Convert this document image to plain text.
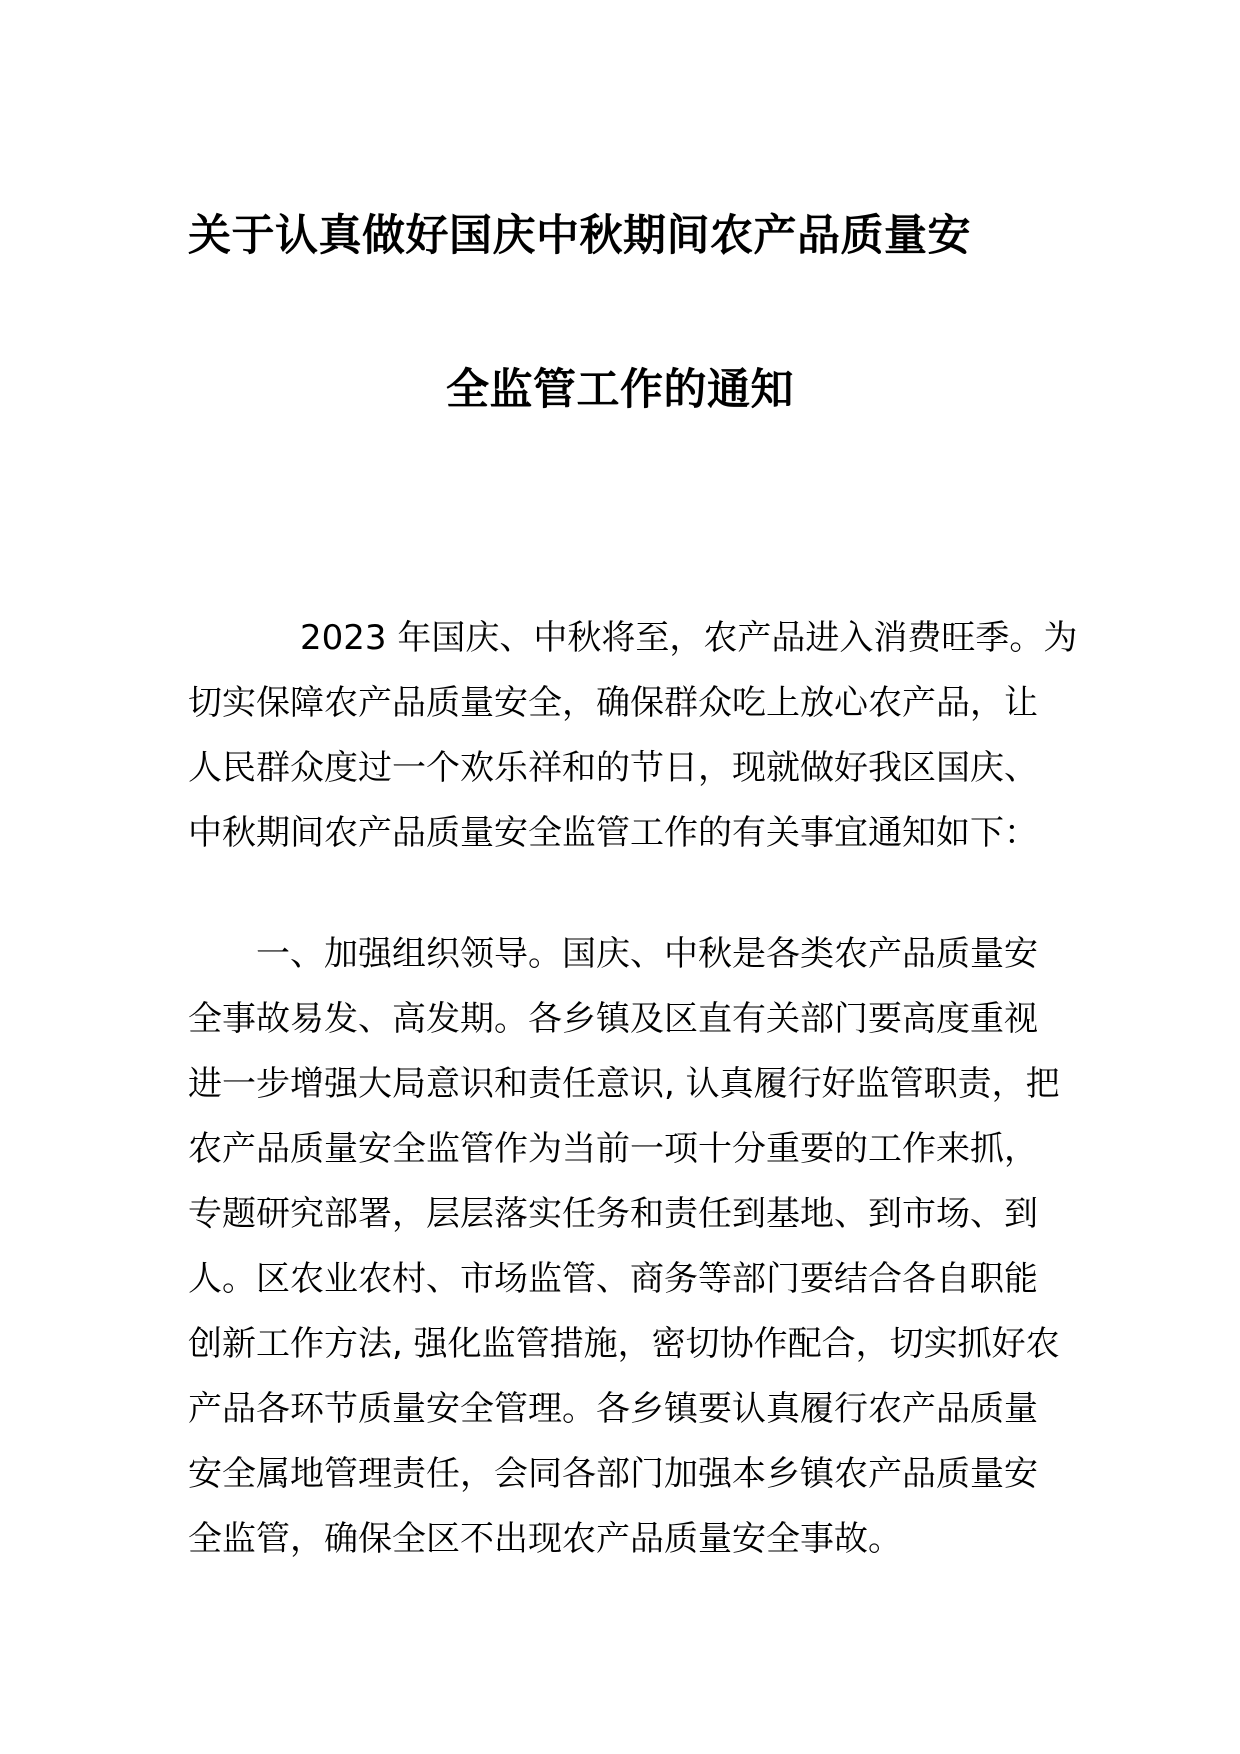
关于认真做好国庆中秋期间农产品质量安
全监管工作的通知
2023 年国庆、中秋将至，农产品进入消费旺季。为
切实保障农产品质量安全，确保群众吃上放心农产品，让
人民群众度过一个欢乐祥和的节日，现就做好我区国庆、
中秋期间农产品质量安全监管工作的有关事宜通知如下：
一、加强组织领导。国庆、中秋是各类农产品质量安
全事故易发、高发期。各乡镇及区直有关部门要高度重视
进一步增强大局意识和责任意识, 认真履行好监管职责，把
农产品质量安全监管作为当前一项十分重要的工作来抓，
专题研究部署，层层落实任务和责任到基地、到市场、到
人。区农业农村、市场监管、商务等部门要结合各自职能
创新工作方法, 强化监管措施，密切协作配合，切实抓好农
产品各环节质量安全管理。各乡镇要认真履行农产品质量
安全属地管理责任，会同各部门加强本乡镇农产品质量安
全监管，确保全区不出现农产品质量安全事故。
